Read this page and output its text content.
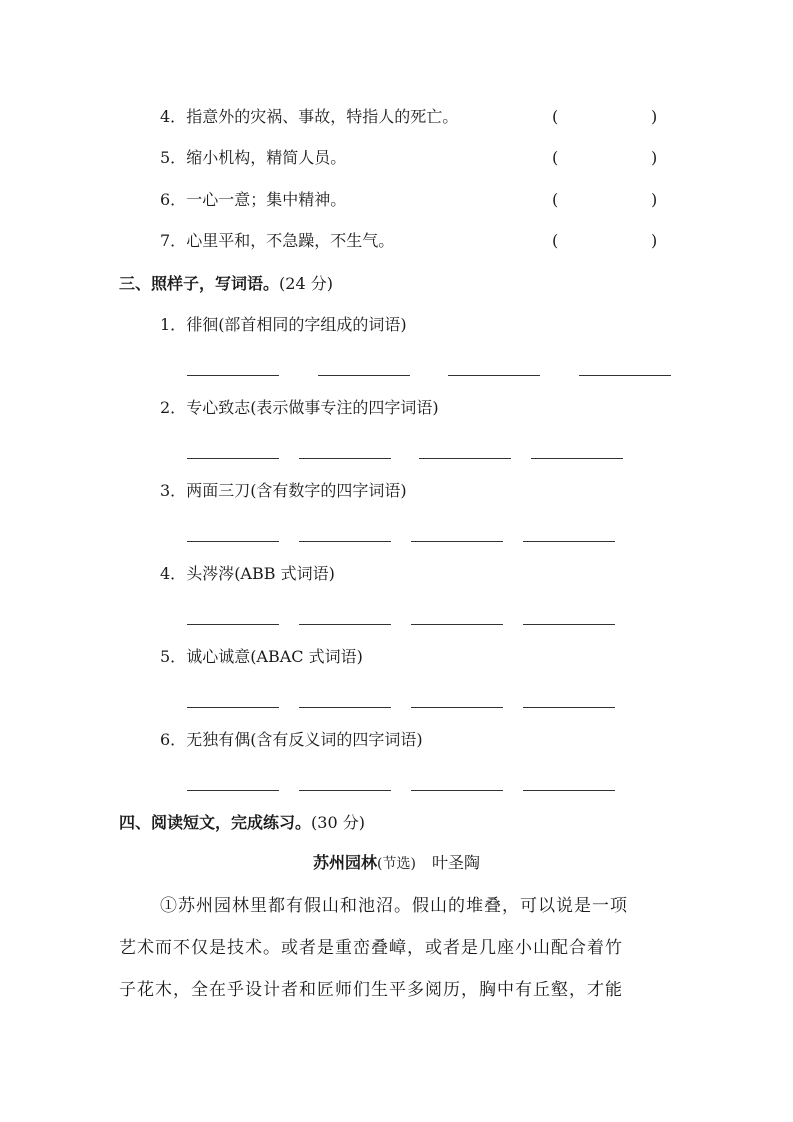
4．指意外的灾祸、事故，特指人的死亡。	(	)
5．缩小机构，精简人员。	(	)
6．一心一意；集中精神。	(	)
7．心里平和，不急躁，不生气。	(	)
三、照样子，写词语。(24 分)
1．徘徊(部首相同的字组成的词语)
2．专心致志(表示做事专注的四字词语)
3．两面三刀(含有数字的四字词语)
4．头涔涔(ABB 式词语)
5．诚心诚意(ABAC 式词语)
6．无独有偶(含有反义词的四字词语)
四、阅读短文，完成练习。(30 分)
苏州园林(节选) 叶圣陶
①苏州园林里都有假山和池沼。假山的堆叠，可以说是一项
艺术而不仅是技术。或者是重峦叠嶂，或者是几座小山配合着竹
子花木，全在乎设计者和匠师们生平多阅历，胸中有丘壑，才能
